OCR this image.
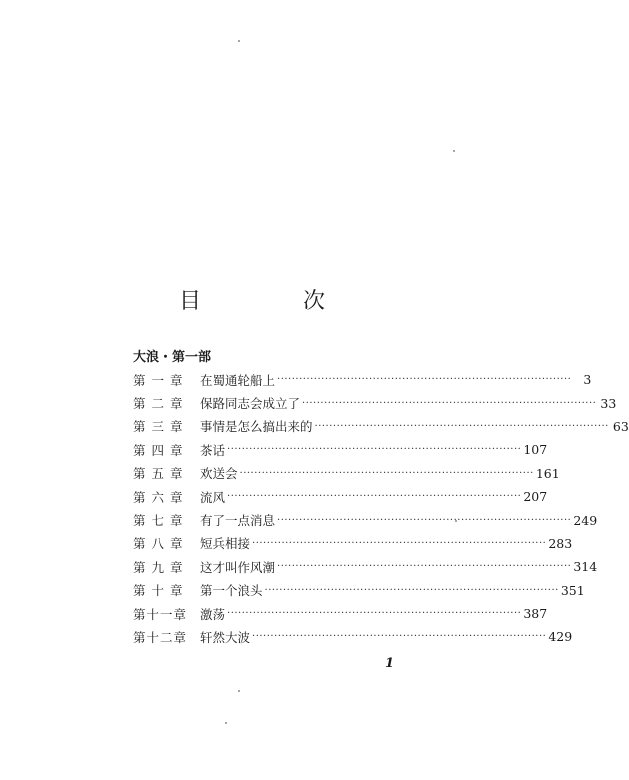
目　次
大浪・第一部
第 一 章	在蜀通轮船上 ················································································ 3
第 二 章	保路同志会成立了 ················································································ 33
第 三 章	事情是怎么搞出来的 ················································································ 63
第 四 章	茶话 ················································································ 107
第 五 章	欢送会 ················································································ 161
第 六 章	流风 ················································································ 207
第 七 章	有了一点消息 ················································································ 249
第 八 章	短兵相接 ················································································ 283
第 九 章	这才叫作风潮 ················································································ 314
第 十 章	第一个浪头 ················································································ 351
第十一章	激荡 ················································································ 387
第十二章	轩然大波 ················································································ 429
1
